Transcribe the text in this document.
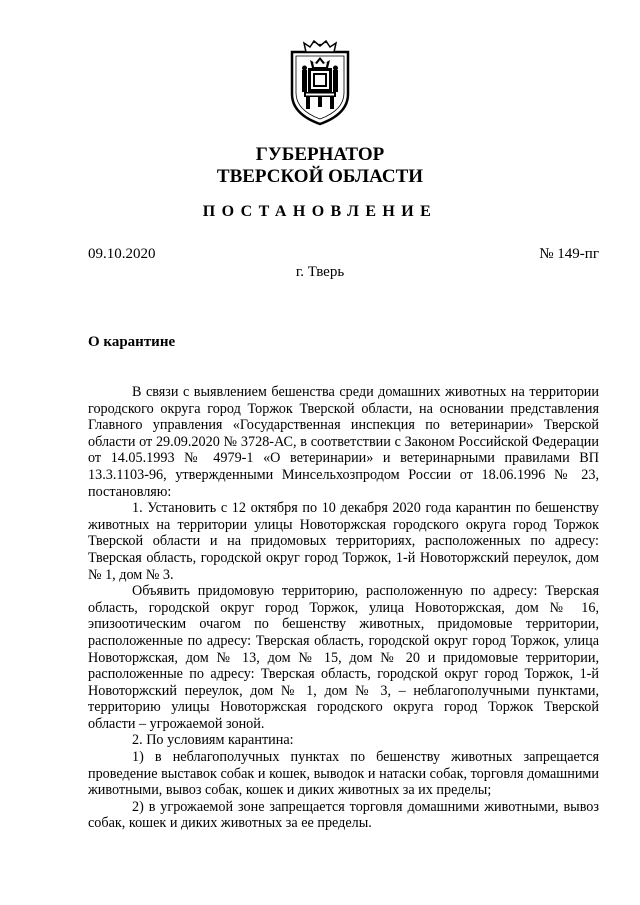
ГУБЕРНАТОР
ТВЕРСКОЙ ОБЛАСТИ
ПОСТАНОВЛЕНИЕ
09.10.2020	№ 149-пг
г. Тверь
О карантине

В связи с выявлением бешенства среди домашних животных на территории городского округа город Торжок Тверской области, на основании представления Главного управления «Государственная инспекция по ветеринарии» Тверской области от 29.09.2020 № 3728-АС, в соответствии с Законом Российской Федерации от 14.05.1993 № 4979-1 «О ветеринарии» и ветеринарными правилами ВП 13.3.1103-96, утвержденными Минсельхозпродом России от 18.06.1996 № 23, постановляю:

1. Установить с 12 октября по 10 декабря 2020 года карантин по бешенству животных на территории улицы Новоторжская городского округа город Торжок Тверской области и на придомовых территориях, расположенных по адресу: Тверская область, городской округ город Торжок, 1-й Новоторжский переулок, дом № 1, дом № 3.

Объявить придомовую территорию, расположенную по адресу: Тверская область, городской округ город Торжок, улица Новоторжская, дом № 16, эпизоотическим очагом по бешенству животных, придомовые территории, расположенные по адресу: Тверская область, городской округ город Торжок, улица Новоторжская, дом № 13, дом № 15, дом № 20 и придомовые территории, расположенные по адресу: Тверская область, городской округ город Торжок, 1-й Новоторжский переулок, дом № 1, дом № 3, – неблагополучными пунктами, территорию улицы Новоторжская городского округа город Торжок Тверской области – угрожаемой зоной.

2. По условиям карантина:

1) в неблагополучных пунктах по бешенству животных запрещается проведение выставок собак и кошек, выводок и натаски собак, торговля домашними животными, вывоз собак, кошек и диких животных за их пределы;

2) в угрожаемой зоне запрещается торговля домашними животными, вывоз собак, кошек и диких животных за ее пределы.
